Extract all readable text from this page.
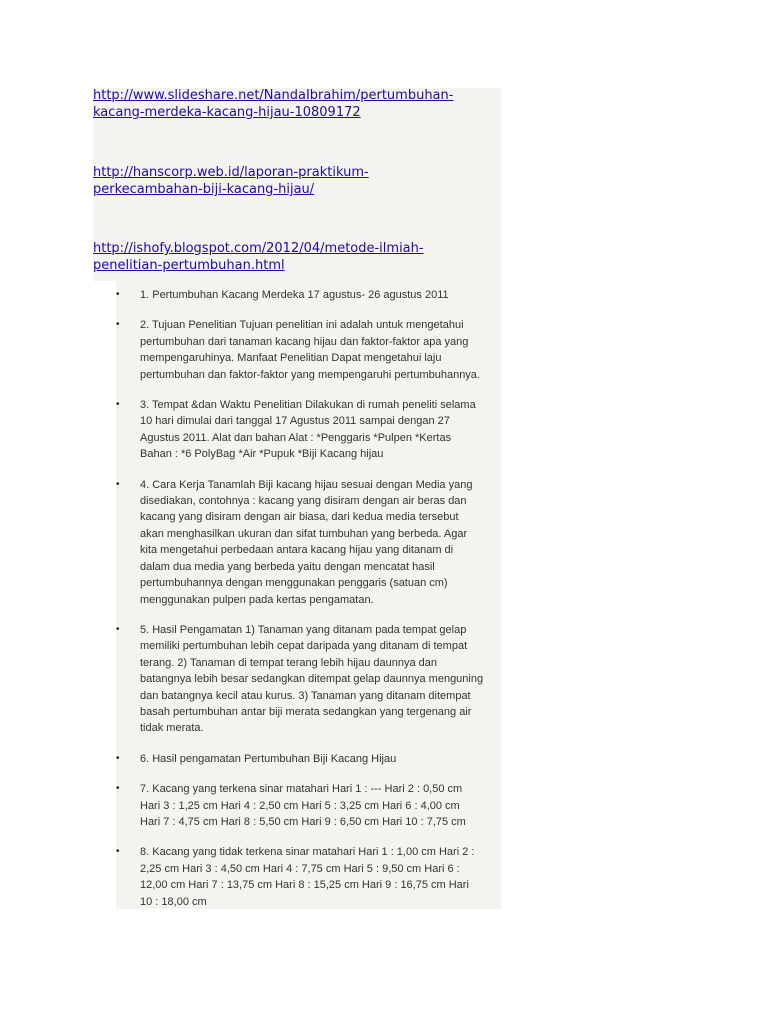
http://www.slideshare.net/NandaIbrahim/pertumbuhan-
kacang-merdeka-kacang-hijau-10809172
http://hanscorp.web.id/laporan-praktikum-
perkecambahan-biji-kacang-hijau/
http://ishofy.blogspot.com/2012/04/metode-ilmiah-
penelitian-pertumbuhan.html
•	1. Pertumbuhan Kacang Merdeka 17 agustus- 26 agustus 2011
•	2. Tujuan Penelitian Tujuan penelitian ini adalah untuk mengetahui
pertumbuhan dari tanaman kacang hijau dan faktor-faktor apa yang
mempengaruhinya. Manfaat Penelitian Dapat mengetahui laju
pertumbuhan dan faktor-faktor yang mempengaruhi pertumbuhannya.
•	3. Tempat &dan Waktu Penelitian Dilakukan di rumah peneliti selama
10 hari dimulai dari tanggal 17 Agustus 2011 sampai dengan 27
Agustus 2011. Alat dan bahan Alat : *Penggaris *Pulpen *Kertas
Bahan : *6 PolyBag *Air *Pupuk *Biji Kacang hijau
•	4. Cara Kerja Tanamlah Biji kacang hijau sesuai dengan Media yang
disediakan, contohnya : kacang yang disiram dengan air beras dan
kacang yang disiram dengan air biasa, dari kedua media tersebut
akan menghasilkan ukuran dan sifat tumbuhan yang berbeda. Agar
kita mengetahui perbedaan antara kacang hijau yang ditanam di
dalam dua media yang berbeda yaitu dengan mencatat hasil
pertumbuhannya dengan menggunakan penggaris (satuan cm)
menggunakan pulpen pada kertas pengamatan.
•	5. Hasil Pengamatan 1) Tanaman yang ditanam pada tempat gelap
memiliki pertumbuhan lebih cepat daripada yang ditanam di tempat
terang. 2) Tanaman di tempat terang lebih hijau daunnya dan
batangnya lebih besar sedangkan ditempat gelap daunnya menguning
dan batangnya kecil atau kurus. 3) Tanaman yang ditanam ditempat
basah pertumbuhan antar biji merata sedangkan yang tergenang air
tidak merata.
•	6. Hasil pengamatan Pertumbuhan Biji Kacang Hijau
•	7. Kacang yang terkena sinar matahari Hari 1 : --- Hari 2 : 0,50 cm
Hari 3 : 1,25 cm Hari 4 : 2,50 cm Hari 5 : 3,25 cm Hari 6 : 4,00 cm
Hari 7 : 4,75 cm Hari 8 : 5,50 cm Hari 9 : 6,50 cm Hari 10 : 7,75 cm
•	8. Kacang yang tidak terkena sinar matahari Hari 1 : 1,00 cm Hari 2 :
2,25 cm Hari 3 : 4,50 cm Hari 4 : 7,75 cm Hari 5 : 9,50 cm Hari 6 :
12,00 cm Hari 7 : 13,75 cm Hari 8 : 15,25 cm Hari 9 : 16,75 cm Hari
10 : 18,00 cm
